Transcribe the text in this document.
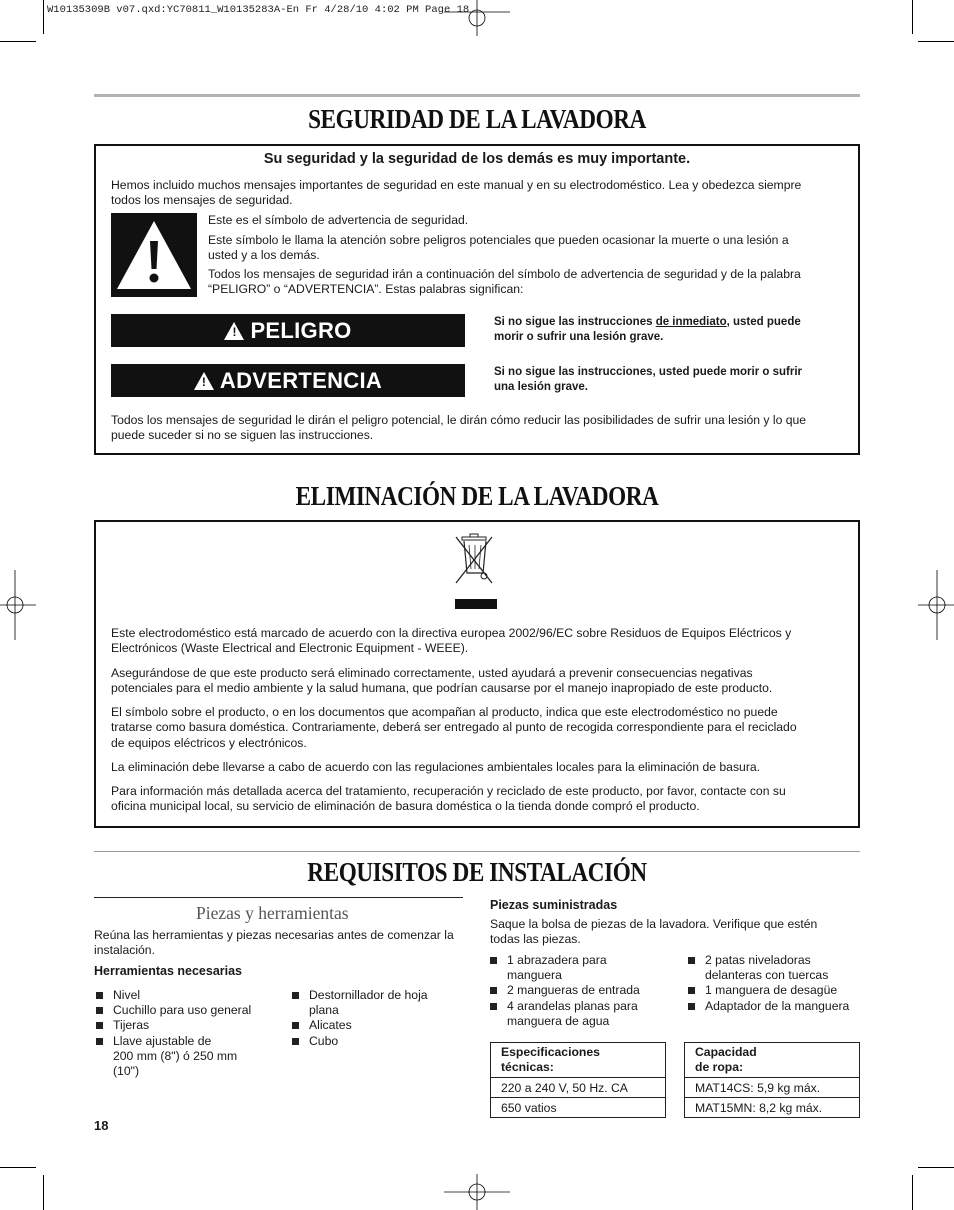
W10135309B v07.qxd:YC70811_W10135283A-En Fr 4/28/10 4:02 PM Page 18
SEGURIDAD DE LA LAVADORA
Su seguridad y la seguridad de los demás es muy importante.
Hemos incluido muchos mensajes importantes de seguridad en este manual y en su electrodoméstico. Lea y obedezca siempre
todos los mensajes de seguridad.
Este es el símbolo de advertencia de seguridad.
Este símbolo le llama la atención sobre peligros potenciales que pueden ocasionar la muerte o una lesión a
usted y a los demás.
Todos los mensajes de seguridad irán a continuación del símbolo de advertencia de seguridad y de la palabra
“PELIGRO” o “ADVERTENCIA”. Estas palabras significan:
! PELIGRO	Si no sigue las instrucciones de inmediato, usted puede
morir o sufrir una lesión grave.
! ADVERTENCIA	Si no sigue las instrucciones, usted puede morir o sufrir
una lesión grave.
Todos los mensajes de seguridad le dirán el peligro potencial, le dirán cómo reducir las posibilidades de sufrir una lesión y lo que
puede suceder si no se siguen las instrucciones.
ELIMINACIÓN DE LA LAVADORA
Este electrodoméstico está marcado de acuerdo con la directiva europea 2002/96/EC sobre Residuos de Equipos Eléctricos y
Electrónicos (Waste Electrical and Electronic Equipment - WEEE).
Asegurándose de que este producto será eliminado correctamente, usted ayudará a prevenir consecuencias negativas
potenciales para el medio ambiente y la salud humana, que podrían causarse por el manejo inapropiado de este producto.
El símbolo sobre el producto, o en los documentos que acompañan al producto, indica que este electrodoméstico no puede
tratarse como basura doméstica. Contrariamente, deberá ser entregado al punto de recogida correspondiente para el reciclado
de equipos eléctricos y electrónicos.
La eliminación debe llevarse a cabo de acuerdo con las regulaciones ambientales locales para la eliminación de basura.
Para información más detallada acerca del tratamiento, recuperación y reciclado de este producto, por favor, contacte con su
oficina municipal local, su servicio de eliminación de basura doméstica o la tienda donde compró el producto.
REQUISITOS DE INSTALACIÓN
Piezas y herramientas
Reúna las herramientas y piezas necesarias antes de comenzar la
instalación.
Herramientas necesarias
Nivel
Cuchillo para uso general
Tijeras
Llave ajustable de
200 mm (8") ó 250 mm
(10")
Destornillador de hoja
plana
Alicates
Cubo
Piezas suministradas
Saque la bolsa de piezas de la lavadora. Verifique que estén
todas las piezas.
1 abrazadera para
manguera
2 mangueras de entrada
4 arandelas planas para
manguera de agua
2 patas niveladoras
delanteras con tuercas
1 manguera de desagüe
Adaptador de la manguera
Especificaciones
técnicas:

220 a 240 V, 50 Hz. CA
650 vatios
Capacidad
de ropa:

MAT14CS: 5,9 kg máx.
MAT15MN: 8,2 kg máx.
18
